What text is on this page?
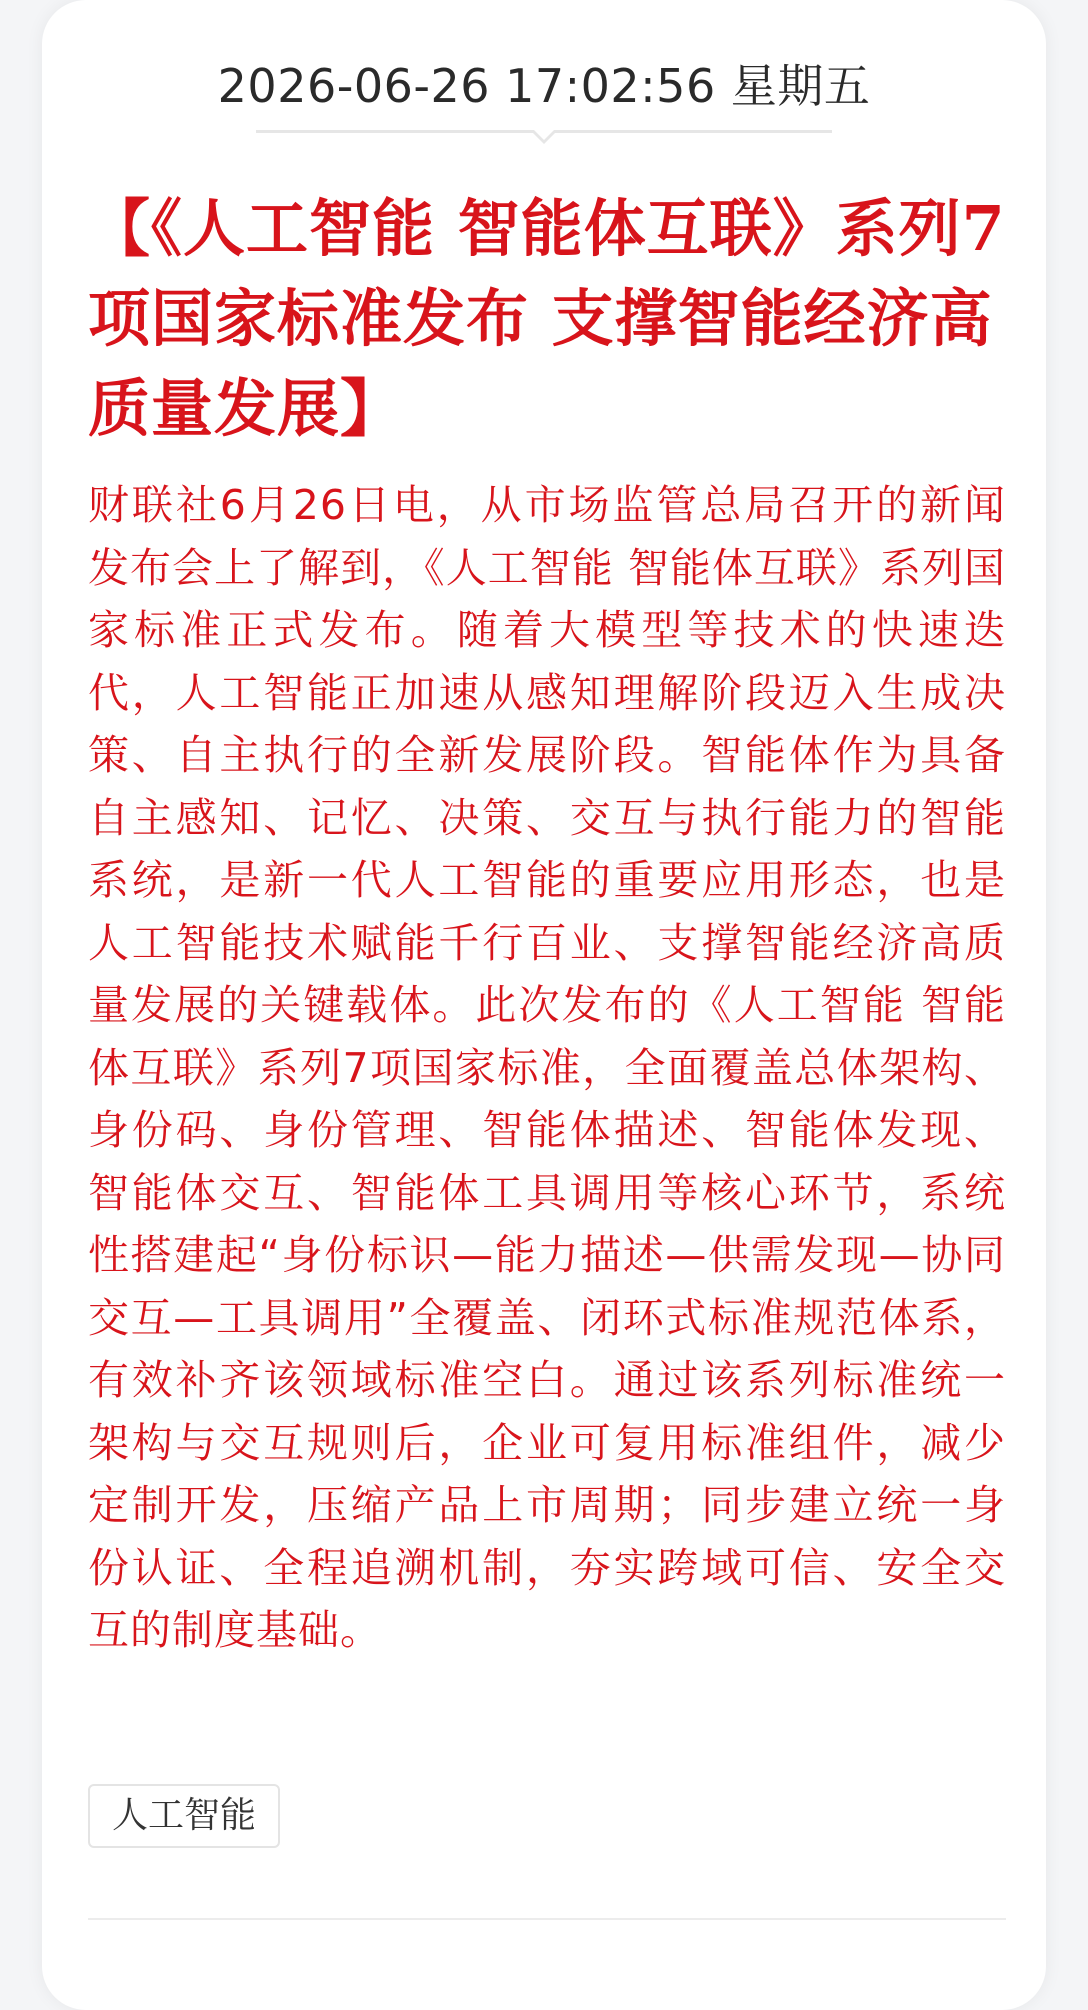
2026-06-26 17:02:56 星期五
【《人工智能 智能体互联》系列7项国家标准发布 支撑智能经济高质量发展】

财联社6月26日电，从市场监管总局召开的新闻发布会上了解到，《人工智能 智能体互联》系列国家标准正式发布。随着大模型等技术的快速迭代，人工智能正加速从感知理解阶段迈入生成决策、自主执行的全新发展阶段。智能体作为具备自主感知、记忆、决策、交互与执行能力的智能系统，是新一代人工智能的重要应用形态，也是人工智能技术赋能千行百业、支撑智能经济高质量发展的关键载体。此次发布的《人工智能 智能体互联》系列7项国家标准，全面覆盖总体架构、身份码、身份管理、智能体描述、智能体发现、智能体交互、智能体工具调用等核心环节，系统性搭建起“身份标识—能力描述—供需发现—协同交互—工具调用”全覆盖、闭环式标准规范体系，有效补齐该领域标准空白。通过该系列标准统一架构与交互规则后，企业可复用标准组件，减少定制开发，压缩产品上市周期；同步建立统一身份认证、全程追溯机制，夯实跨域可信、安全交互的制度基础。

人工智能
